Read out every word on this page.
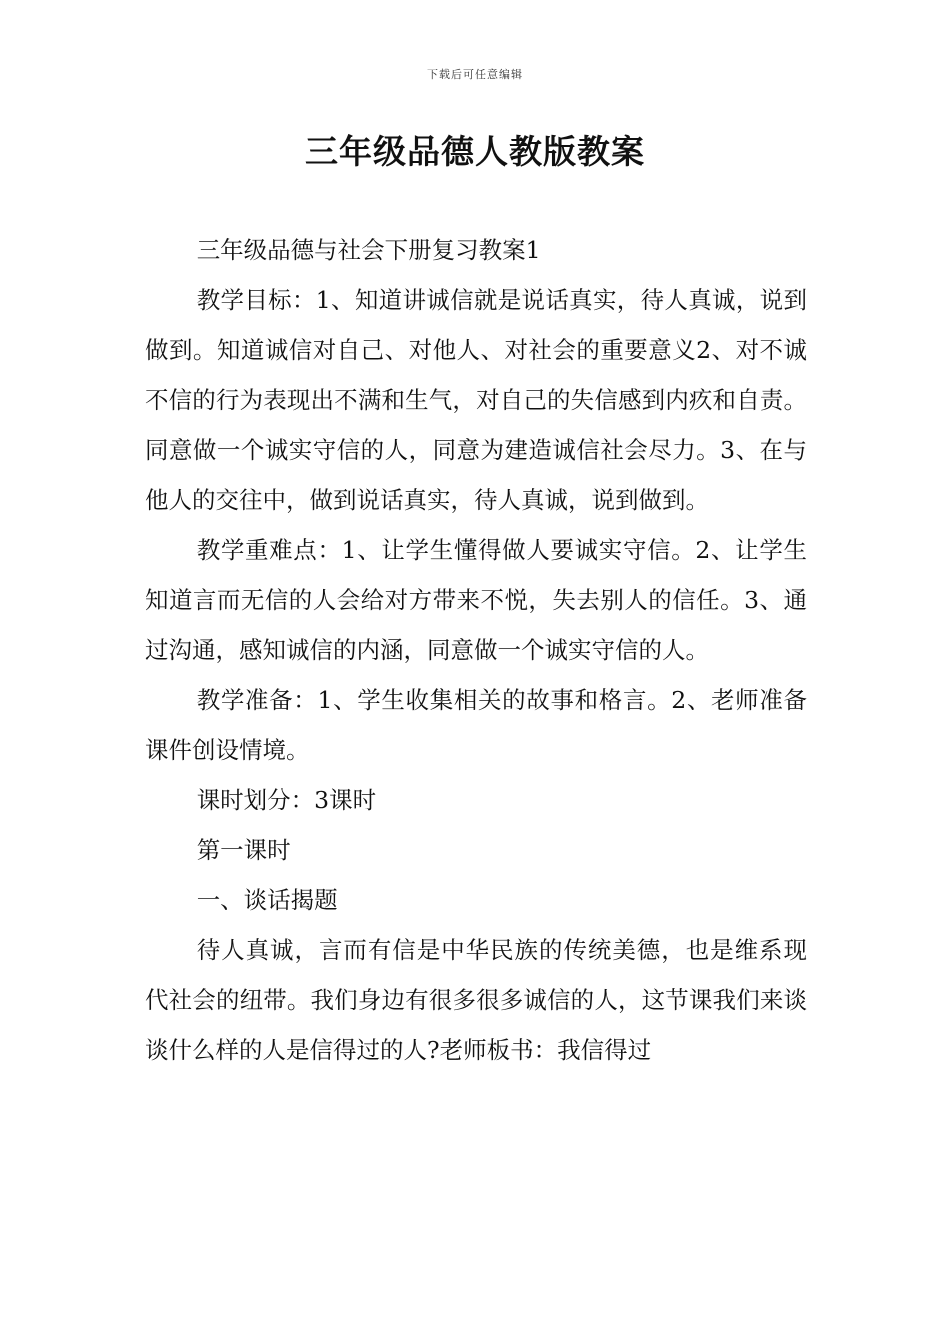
下载后可任意编辑
三年级品德人教版教案

三年级品德与社会下册复习教案1

教学目标：1、知道讲诚信就是说话真实，待人真诚，说到做到。知道诚信对自己、对他人、对社会的重要意义2、对不诚不信的行为表现出不满和生气，对自己的失信感到内疚和自责。同意做一个诚实守信的人，同意为建造诚信社会尽力。3、在与他人的交往中，做到说话真实，待人真诚，说到做到。

教学重难点：1、让学生懂得做人要诚实守信。2、让学生知道言而无信的人会给对方带来不悦，失去别人的信任。3、通过沟通，感知诚信的内涵，同意做一个诚实守信的人。

教学准备：1、学生收集相关的故事和格言。2、老师准备课件创设情境。

课时划分：3课时

第一课时

一、谈话揭题

待人真诚，言而有信是中华民族的传统美德，也是维系现代社会的纽带。我们身边有很多很多诚信的人，这节课我们来谈谈什么样的人是信得过的人?老师板书：我信得过
